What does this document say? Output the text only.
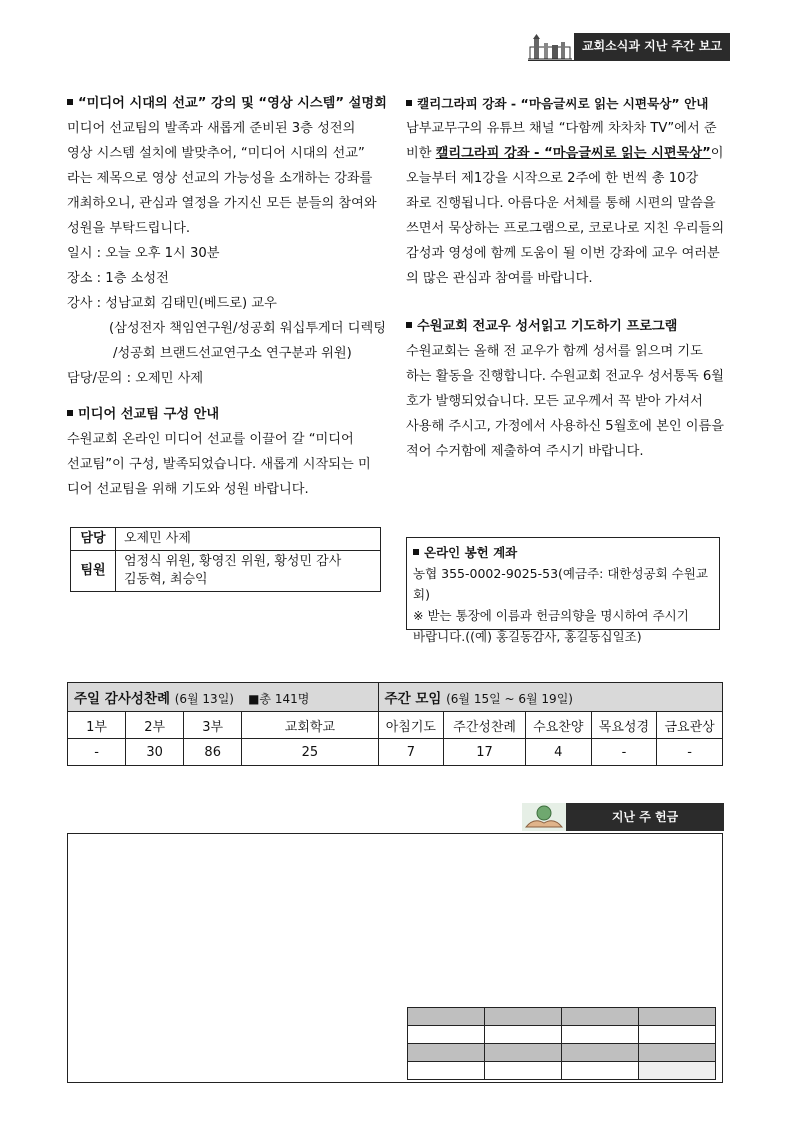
교회소식과 지난 주간 보고

“미디어 시대의 선교” 강의 및 “영상 시스템” 설명회

미디어 선교팀의 발족과 새롭게 준비된 3층 성전의

영상 시스템 설치에 발맞추어, “미디어 시대의 선교”

라는 제목으로 영상 선교의 가능성을 소개하는 강좌를

개최하오니, 관심과 열정을 가지신 모든 분들의 참여와

성원을 부탁드립니다.

일시 : 오늘 오후 1시 30분

장소 : 1층 소성전

강사 : 성남교회 김태민(베드로) 교우

(삼성전자 책임연구원/성공회 워십투게더 디렉팅

/성공회 브랜드선교연구소 연구분과 위원)

담당/문의 : 오제민 사제

미디어 선교팀 구성 안내

수원교회 온라인 미디어 선교를 이끌어 갈 “미디어

선교팀”이 구성, 발족되었습니다. 새롭게 시작되는 미

디어 선교팀을 위해 기도와 성원 바랍니다.

담당	오제민 사제
팀원	엄정식 위원, 황영진 위원, 황성민 감사
김동혁, 최승익

캘리그라피 강좌 - “마음글씨로 읽는 시편묵상” 안내

남부교무구의 유튜브 채널 “다함께 차차차 TV”에서 준

비한 캘리그라피 강좌 - “마음글씨로 읽는 시편묵상”이

오늘부터 제1강을 시작으로 2주에 한 번씩 총 10강

좌로 진행됩니다. 아름다운 서체를 통해 시편의 말씀을

쓰면서 묵상하는 프로그램으로, 코로나로 지친 우리들의

감성과 영성에 함께 도움이 될 이번 강좌에 교우 여러분

의 많은 관심과 참여를 바랍니다.

수원교회 전교우 성서읽고 기도하기 프로그램

수원교회는 올해 전 교우가 함께 성서를 읽으며 기도

하는 활동을 진행합니다. 수원교회 전교우 성서통독 6월

호가 발행되었습니다. 모든 교우께서 꼭 받아 가셔서

사용해 주시고, 가정에서 사용하신 5월호에 본인 이름을

적어 수거함에 제출하여 주시기 바랍니다.

온라인 봉헌 계좌
농협 355-0002-9025-53(예금주: 대한성공회 수원교회)
※ 받는 통장에 이름과 헌금의향을 명시하여 주시기
바랍니다.((예) 홍길동감사, 홍길동십일조)
주일 감사성찬례 (6월 13일) ■총 141명				주간 모임 (6월 15일 ~ 6월 19일)				
1부	2부	3부	교회학교	아침기도	주간성찬례	수요찬양	목요성경	금요관상
-	30	86	25	7	17	4	-	-
지난 주 헌금
